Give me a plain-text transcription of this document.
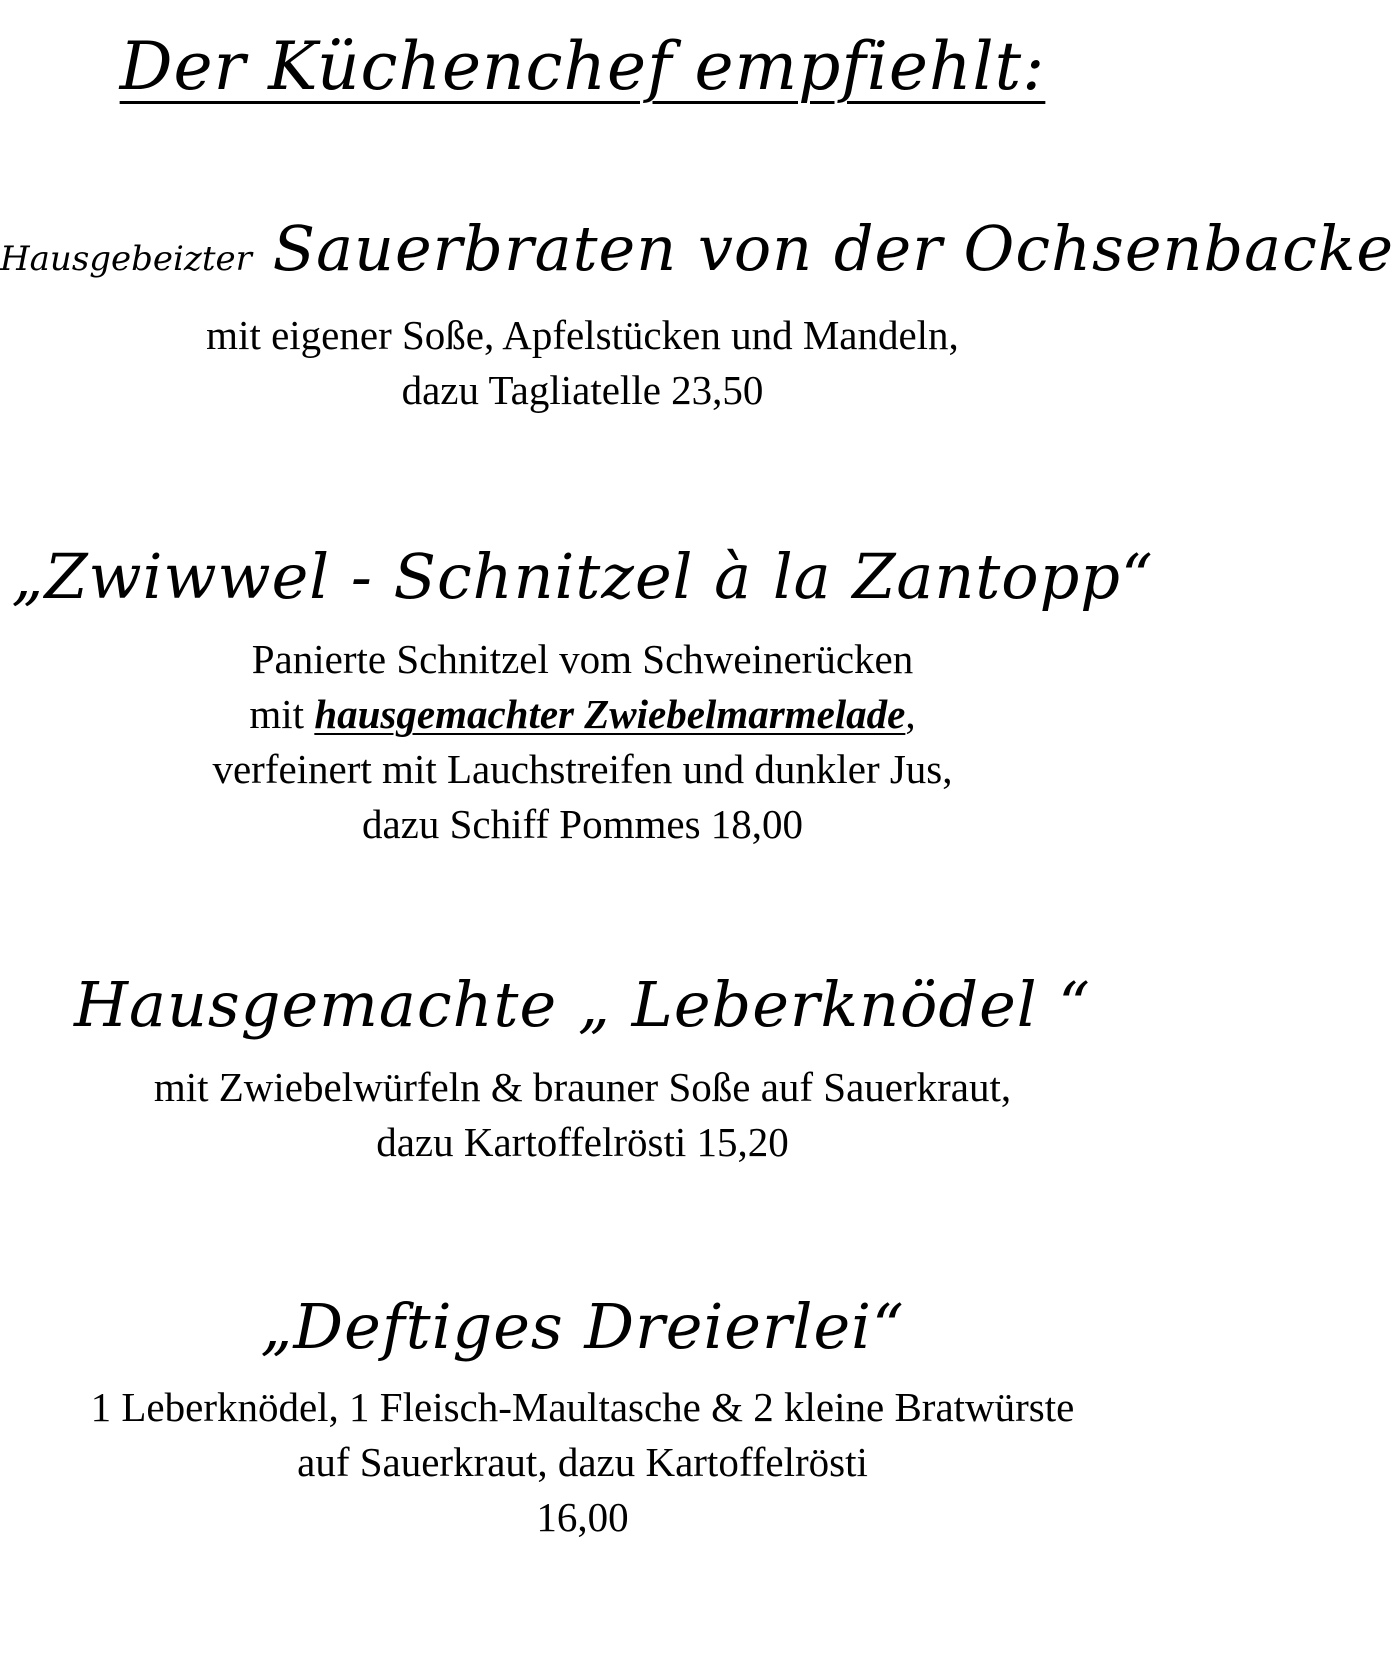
Der Küchenchef empfiehlt:
Hausgebeizter Sauerbraten von der Ochsenbacke
mit eigener Soße, Apfelstücken und Mandeln,
dazu Tagliatelle 23,50
„Zwiwwel - Schnitzel à la Zantopp“
Panierte Schnitzel vom Schweinerücken
mit hausgemachter Zwiebelmarmelade,
verfeinert mit Lauchstreifen und dunkler Jus,
dazu Schiff Pommes 18,00
Hausgemachte „ Leberknödel “
mit Zwiebelwürfeln & brauner Soße auf Sauerkraut,
dazu Kartoffelrösti 15,20
„Deftiges Dreierlei“
1 Leberknödel, 1 Fleisch-Maultasche & 2 kleine Bratwürste
auf Sauerkraut, dazu Kartoffelrösti
16,00
